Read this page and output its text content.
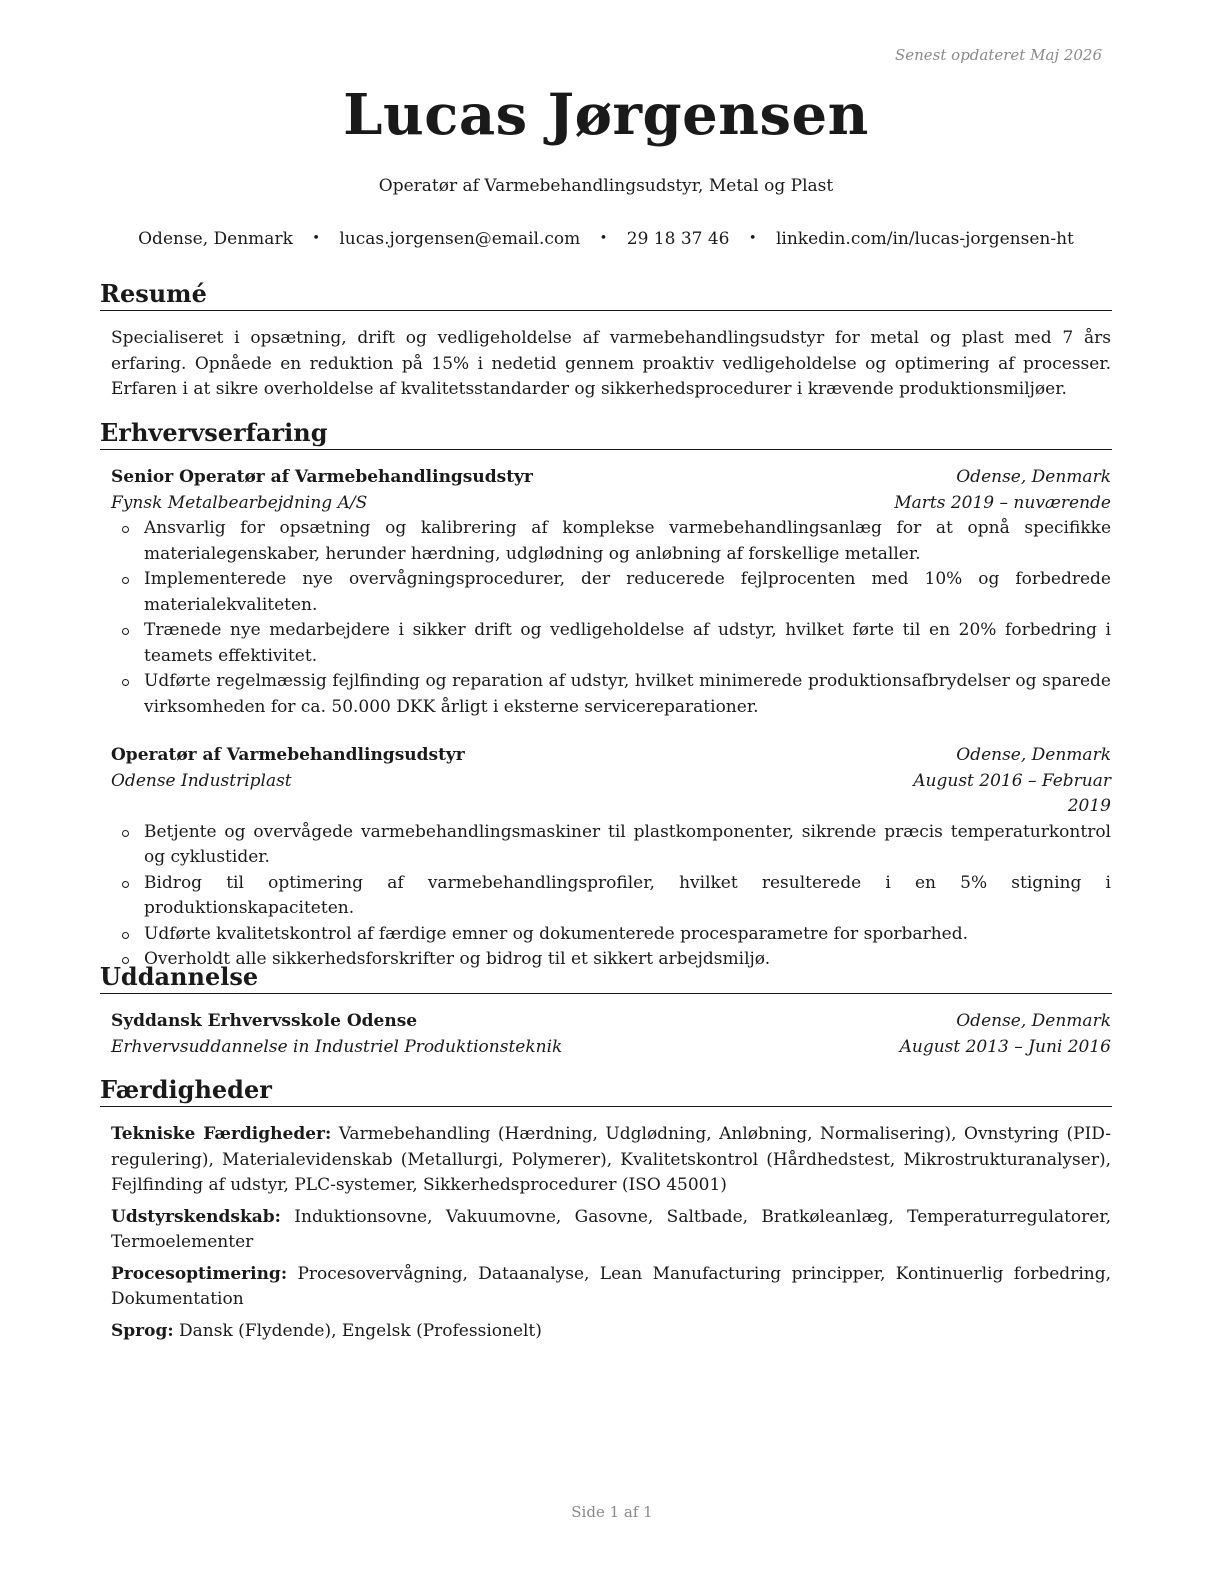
Senest opdateret Maj 2026
Lucas Jørgensen
Operatør af Varmebehandlingsudstyr, Metal og Plast
Odense, Denmark • lucas.jorgensen@email.com • 29 18 37 46 • linkedin.com/in/lucas-jorgensen-ht
Resumé
Specialiseret i opsætning, drift og vedligeholdelse af varmebehandlingsudstyr for metal og plast med 7 års erfaring. Opnåede en reduktion på 15% i nedetid gennem proaktiv vedligeholdelse og optimering af processer. Erfaren i at sikre overholdelse af kvalitetsstandarder og sikkerhedsprocedurer i krævende produktionsmiljøer.
Erhvervserfaring
Senior Operatør af Varmebehandlingsudstyr	Odense, Denmark
Fynsk Metalbearbejdning A/S	Marts 2019 – nuværende
Ansvarlig for opsætning og kalibrering af komplekse varmebehandlingsanlæg for at opnå specifikke materialegenskaber, herunder hærdning, udglødning og anløbning af forskellige metaller.
Implementerede nye overvågningsprocedurer, der reducerede fejlprocenten med 10% og forbedrede materialekvaliteten.
Trænede nye medarbejdere i sikker drift og vedligeholdelse af udstyr, hvilket førte til en 20% forbedring i teamets effektivitet.
Udførte regelmæssig fejlfinding og reparation af udstyr, hvilket minimerede produktionsafbrydelser og sparede virksomheden for ca. 50.000 DKK årligt i eksterne servicereparationer.
Operatør af Varmebehandlingsudstyr	Odense, Denmark
Odense Industriplast	August 2016 – Februar 2019
Betjente og overvågede varmebehandlingsmaskiner til plastkomponenter, sikrende præcis temperaturkontrol og cyklustider.
Bidrog til optimering af varmebehandlingsprofiler, hvilket resulterede i en 5% stigning i produktionskapaciteten.
Udførte kvalitetskontrol af færdige emner og dokumenterede procesparametre for sporbarhed.
Overholdt alle sikkerhedsforskrifter og bidrog til et sikkert arbejdsmiljø.
Uddannelse
Syddansk Erhvervsskole Odense	Odense, Denmark
Erhvervsuddannelse in Industriel Produktionsteknik	August 2013 – Juni 2016
Færdigheder

Tekniske Færdigheder: Varmebehandling (Hærdning, Udglødning, Anløbning, Normalisering), Ovnstyring (PID-regulering), Materialevidenskab (Metallurgi, Polymerer), Kvalitetskontrol (Hårdhedstest, Mikrostrukturanalyser), Fejlfinding af udstyr, PLC-systemer, Sikkerhedsprocedurer (ISO 45001)

Udstyrskendskab: Induktionsovne, Vakuumovne, Gasovne, Saltbade, Bratkøleanlæg, Temperaturregulatorer, Termoelementer

Procesoptimering: Procesovervågning, Dataanalyse, Lean Manufacturing principper, Kontinuerlig forbedring, Dokumentation

Sprog: Dansk (Flydende), Engelsk (Professionelt)

Side 1 af 1
